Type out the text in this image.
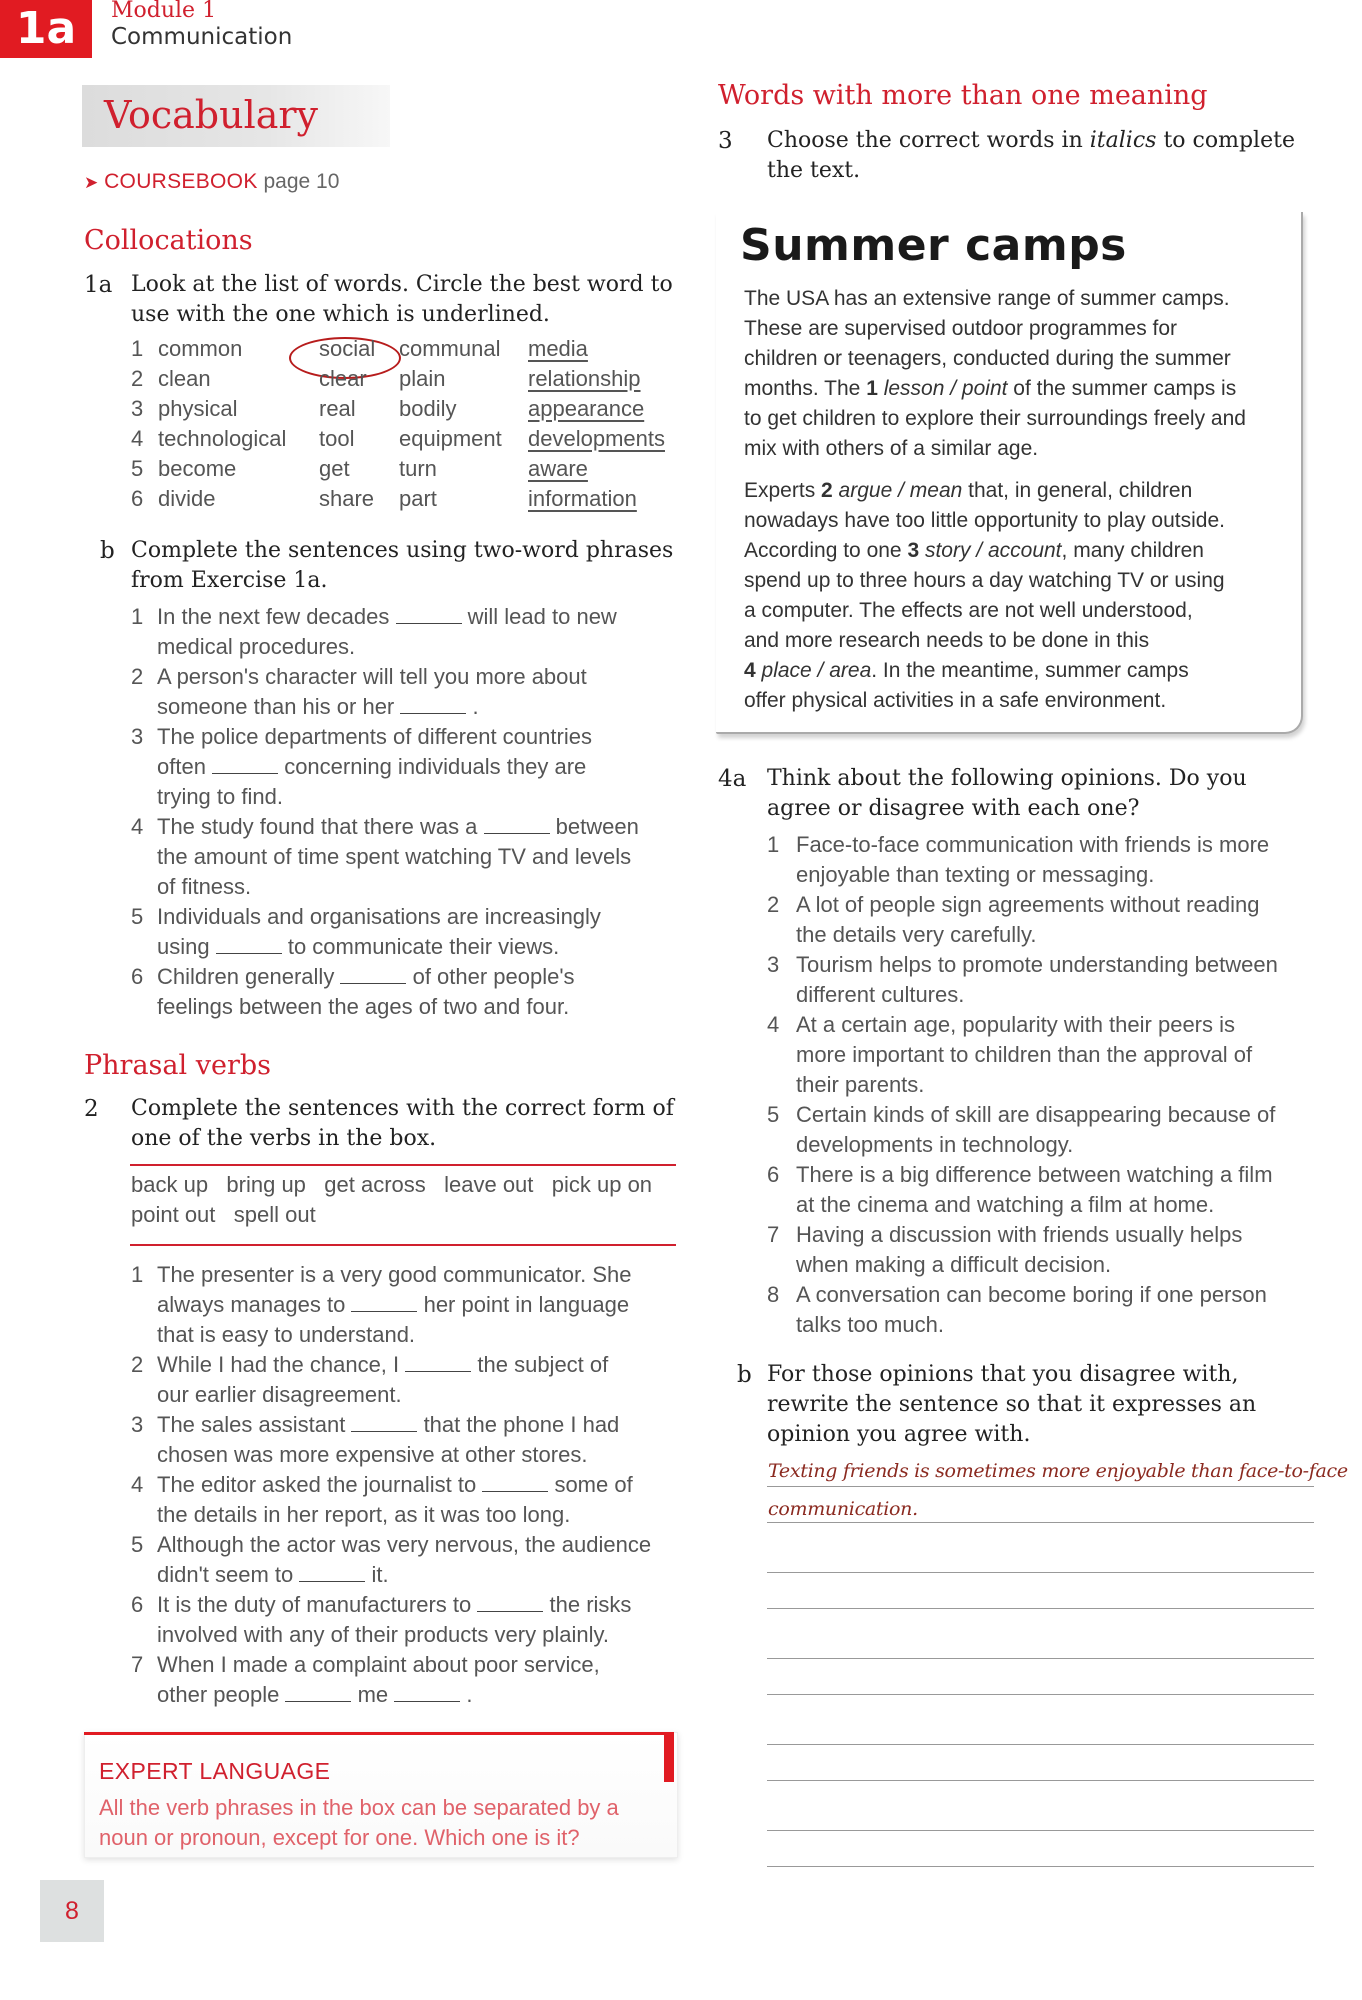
1a	Module 1
Communication
Vocabulary
➤ COURSEBOOK page 10
Collocations
1a Look at the list of words. Circle the best word to
use with the one which is underlined.
1 common	social communal media
2 clean	clear plain	relationship
3 physical	real bodily	appearance
4 technological tool equipment developments
5 become	get turn	aware
6 divide	share part	information
b Complete the sentences using two-word phrases
from Exercise 1a.
1 In the next few decades	will lead to new
medical procedures.
2 A person's character will tell you more about
someone than his or her	.
3 The police departments of different countries
often	concerning individuals they are
trying to find.
4 The study found that there was a	between
the amount of time spent watching TV and levels
of fitness.
5 Individuals and organisations are increasingly
using	to communicate their views.
6 Children generally	of other people's
feelings between the ages of two and four.
Phrasal verbs
2 Complete the sentences with the correct form of
one of the verbs in the box.
back up bring up get across leave out pick up on
point out spell out
1 The presenter is a very good communicator. She
always manages to	her point in language
that is easy to understand.
2 While I had the chance, I	the subject of
our earlier disagreement.
3 The sales assistant	that the phone I had
chosen was more expensive at other stores.
4 The editor asked the journalist to	some of
the details in her report, as it was too long.
5 Although the actor was very nervous, the audience
didn't seem to	it.
6 It is the duty of manufacturers to	the risks
involved with any of their products very plainly.
7 When I made a complaint about poor service,
other people	me	.
EXPERT LANGUAGE
All the verb phrases in the box can be separated by a
noun or pronoun, except for one. Which one is it?
8
Words with more than one meaning
3 Choose the correct words in italics to complete
the text.
Summer camps
The USA has an extensive range of summer camps.
These are supervised outdoor programmes for
children or teenagers, conducted during the summer
months. The 1 lesson / point of the summer camps is
to get children to explore their surroundings freely and
mix with others of a similar age.
Experts 2 argue / mean that, in general, children
nowadays have too little opportunity to play outside.
According to one 3 story / account, many children
spend up to three hours a day watching TV or using
a computer. The effects are not well understood,
and more research needs to be done in this
4 place / area. In the meantime, summer camps
offer physical activities in a safe environment.
4a Think about the following opinions. Do you
agree or disagree with each one?
1 Face-to-face communication with friends is more
enjoyable than texting or messaging.
2 A lot of people sign agreements without reading
the details very carefully.
3 Tourism helps to promote understanding between
different cultures.
4 At a certain age, popularity with their peers is
more important to children than the approval of
their parents.
5 Certain kinds of skill are disappearing because of
developments in technology.
6 There is a big difference between watching a film
at the cinema and watching a film at home.
7 Having a discussion with friends usually helps
when making a difficult decision.
8 A conversation can become boring if one person
talks too much.
b For those opinions that you disagree with,
rewrite the sentence so that it expresses an
opinion you agree with.
Texting friends is sometimes more enjoyable than face-to-face
communication.
